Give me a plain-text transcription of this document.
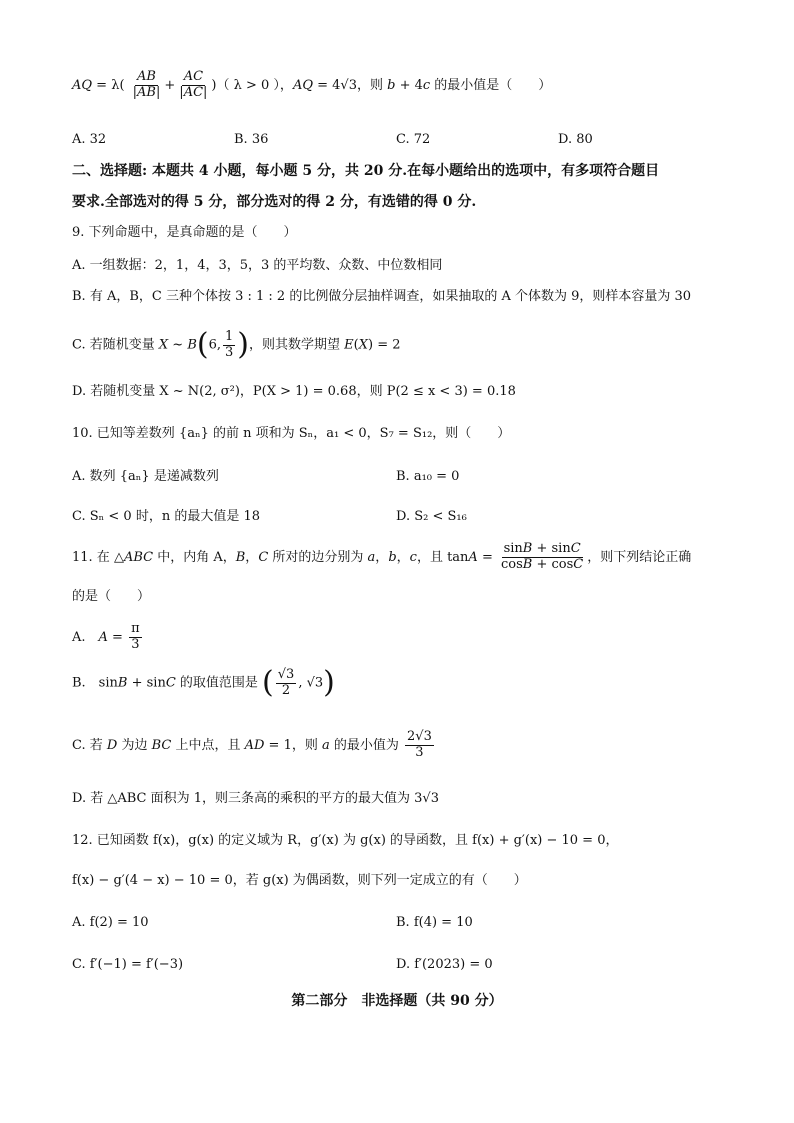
AQ = $\lambda( \frac{AB}{|AB|} + \frac{AC}{|AC|}$ )（ λ > 0 ），AQ = 4√3，则 b + 4c 的最小值是（　　）
A. 32	B. 36	C. 72	D. 80
二、选择题: 本题共 4 小题，每小题 5 分，共 20 分.在每小题给出的选项中，有多项符合题目
要求.全部选对的得 5 分，部分选对的得 2 分，有选错的得 0 分.
9. 下列命题中，是真命题的是（　　）
A. 一组数据：2，1，4，3，5，3 的平均数、众数、中位数相同
B. 有 A，B，C 三种个体按 3 : 1 : 2 的比例做分层抽样调查，如果抽取的 A 个体数为 9，则样本容量为 30
C. 若随机变量 X ~ B(6, $\frac{1}{3}$ )，则其数学期望 E(X) = 2
D. 若随机变量 X ~ N(2, σ²)，P(X > 1) = 0.68，则 P(2 ≤ x < 3) = 0.18
10. 已知等差数列 {aₙ} 的前 n 项和为 Sₙ，a₁ < 0，S₇ = S₁₂，则（　　）
A. 数列 {aₙ} 是递减数列	B. a₁₀ = 0
C. Sₙ < 0 时，n 的最大值是 18	D. S₂ < S₁₆
11. 在 △ABC 中，内角 A，B，C 所对的边分别为 a，b，c，且 $\tan A = \frac{\sin B + \sin C}{\cos B + \cos C}$ ，则下列结论正确
的是（　　）
A.　$A = \frac{\pi}{3}$
B.　sinB + sinC 的取值范围是 ( $\frac{√3}{2}$ , √3)
C. 若 D 为边 BC 上中点，且 AD = 1，则 a 的最小值为 $\frac{2√3}{3}$
D. 若 △ABC 面积为 1，则三条高的乘积的平方的最大值为 3√3
12. 已知函数 f(x)，g(x) 的定义域为 R，g′(x) 为 g(x) 的导函数，且 f(x) + g′(x) − 10 = 0，
f(x) − g′(4 − x) − 10 = 0，若 g(x) 为偶函数，则下列一定成立的有（　　）
A. f(2) = 10	B. f(4) = 10
C. f′(−1) = f′(−3)	D. f′(2023) = 0
第二部分　非选择题（共 90 分）
